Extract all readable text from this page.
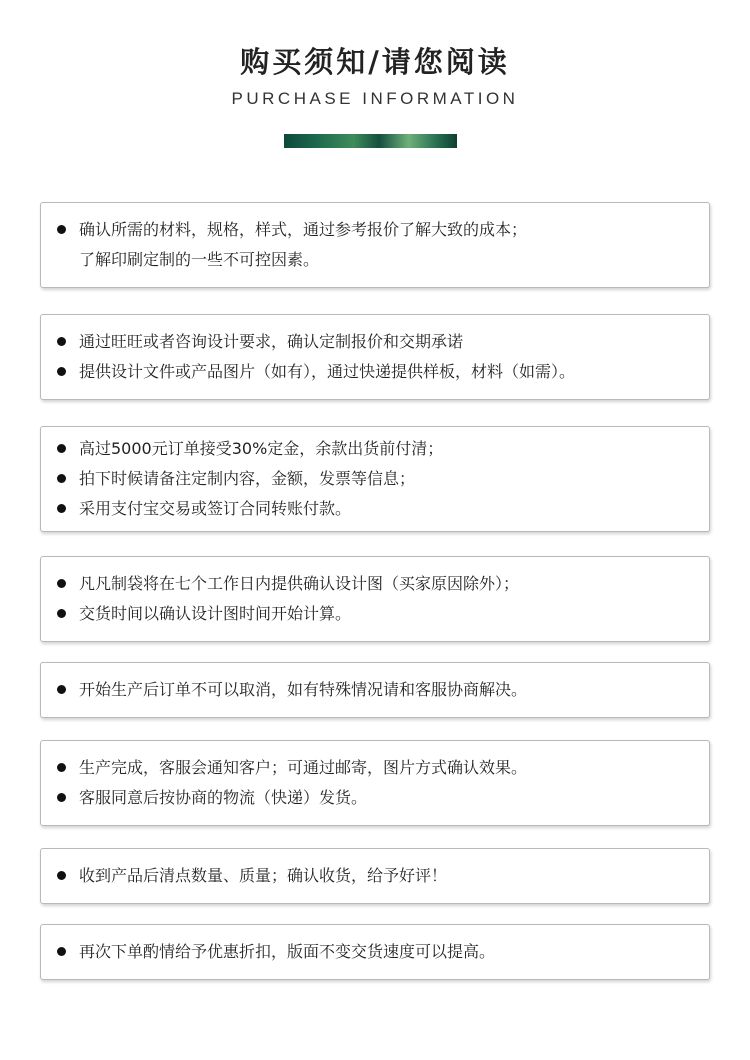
购买须知/请您阅读
PURCHASE INFORMATION
确认所需的材料，规格，样式，通过参考报价了解大致的成本；
了解印刷定制的一些不可控因素。
通过旺旺或者咨询设计要求，确认定制报价和交期承诺
提供设计文件或产品图片（如有），通过快递提供样板，材料（如需）。
高过5000元订单接受30%定金，余款出货前付清；
拍下时候请备注定制内容，金额，发票等信息；
采用支付宝交易或签订合同转账付款。
凡凡制袋将在七个工作日内提供确认设计图（买家原因除外）；
交货时间以确认设计图时间开始计算。
开始生产后订单不可以取消，如有特殊情况请和客服协商解决。
生产完成，客服会通知客户；可通过邮寄，图片方式确认效果。
客服同意后按协商的物流（快递）发货。
收到产品后清点数量、质量；确认收货，给予好评！
再次下单酌情给予优惠折扣，版面不变交货速度可以提高。
